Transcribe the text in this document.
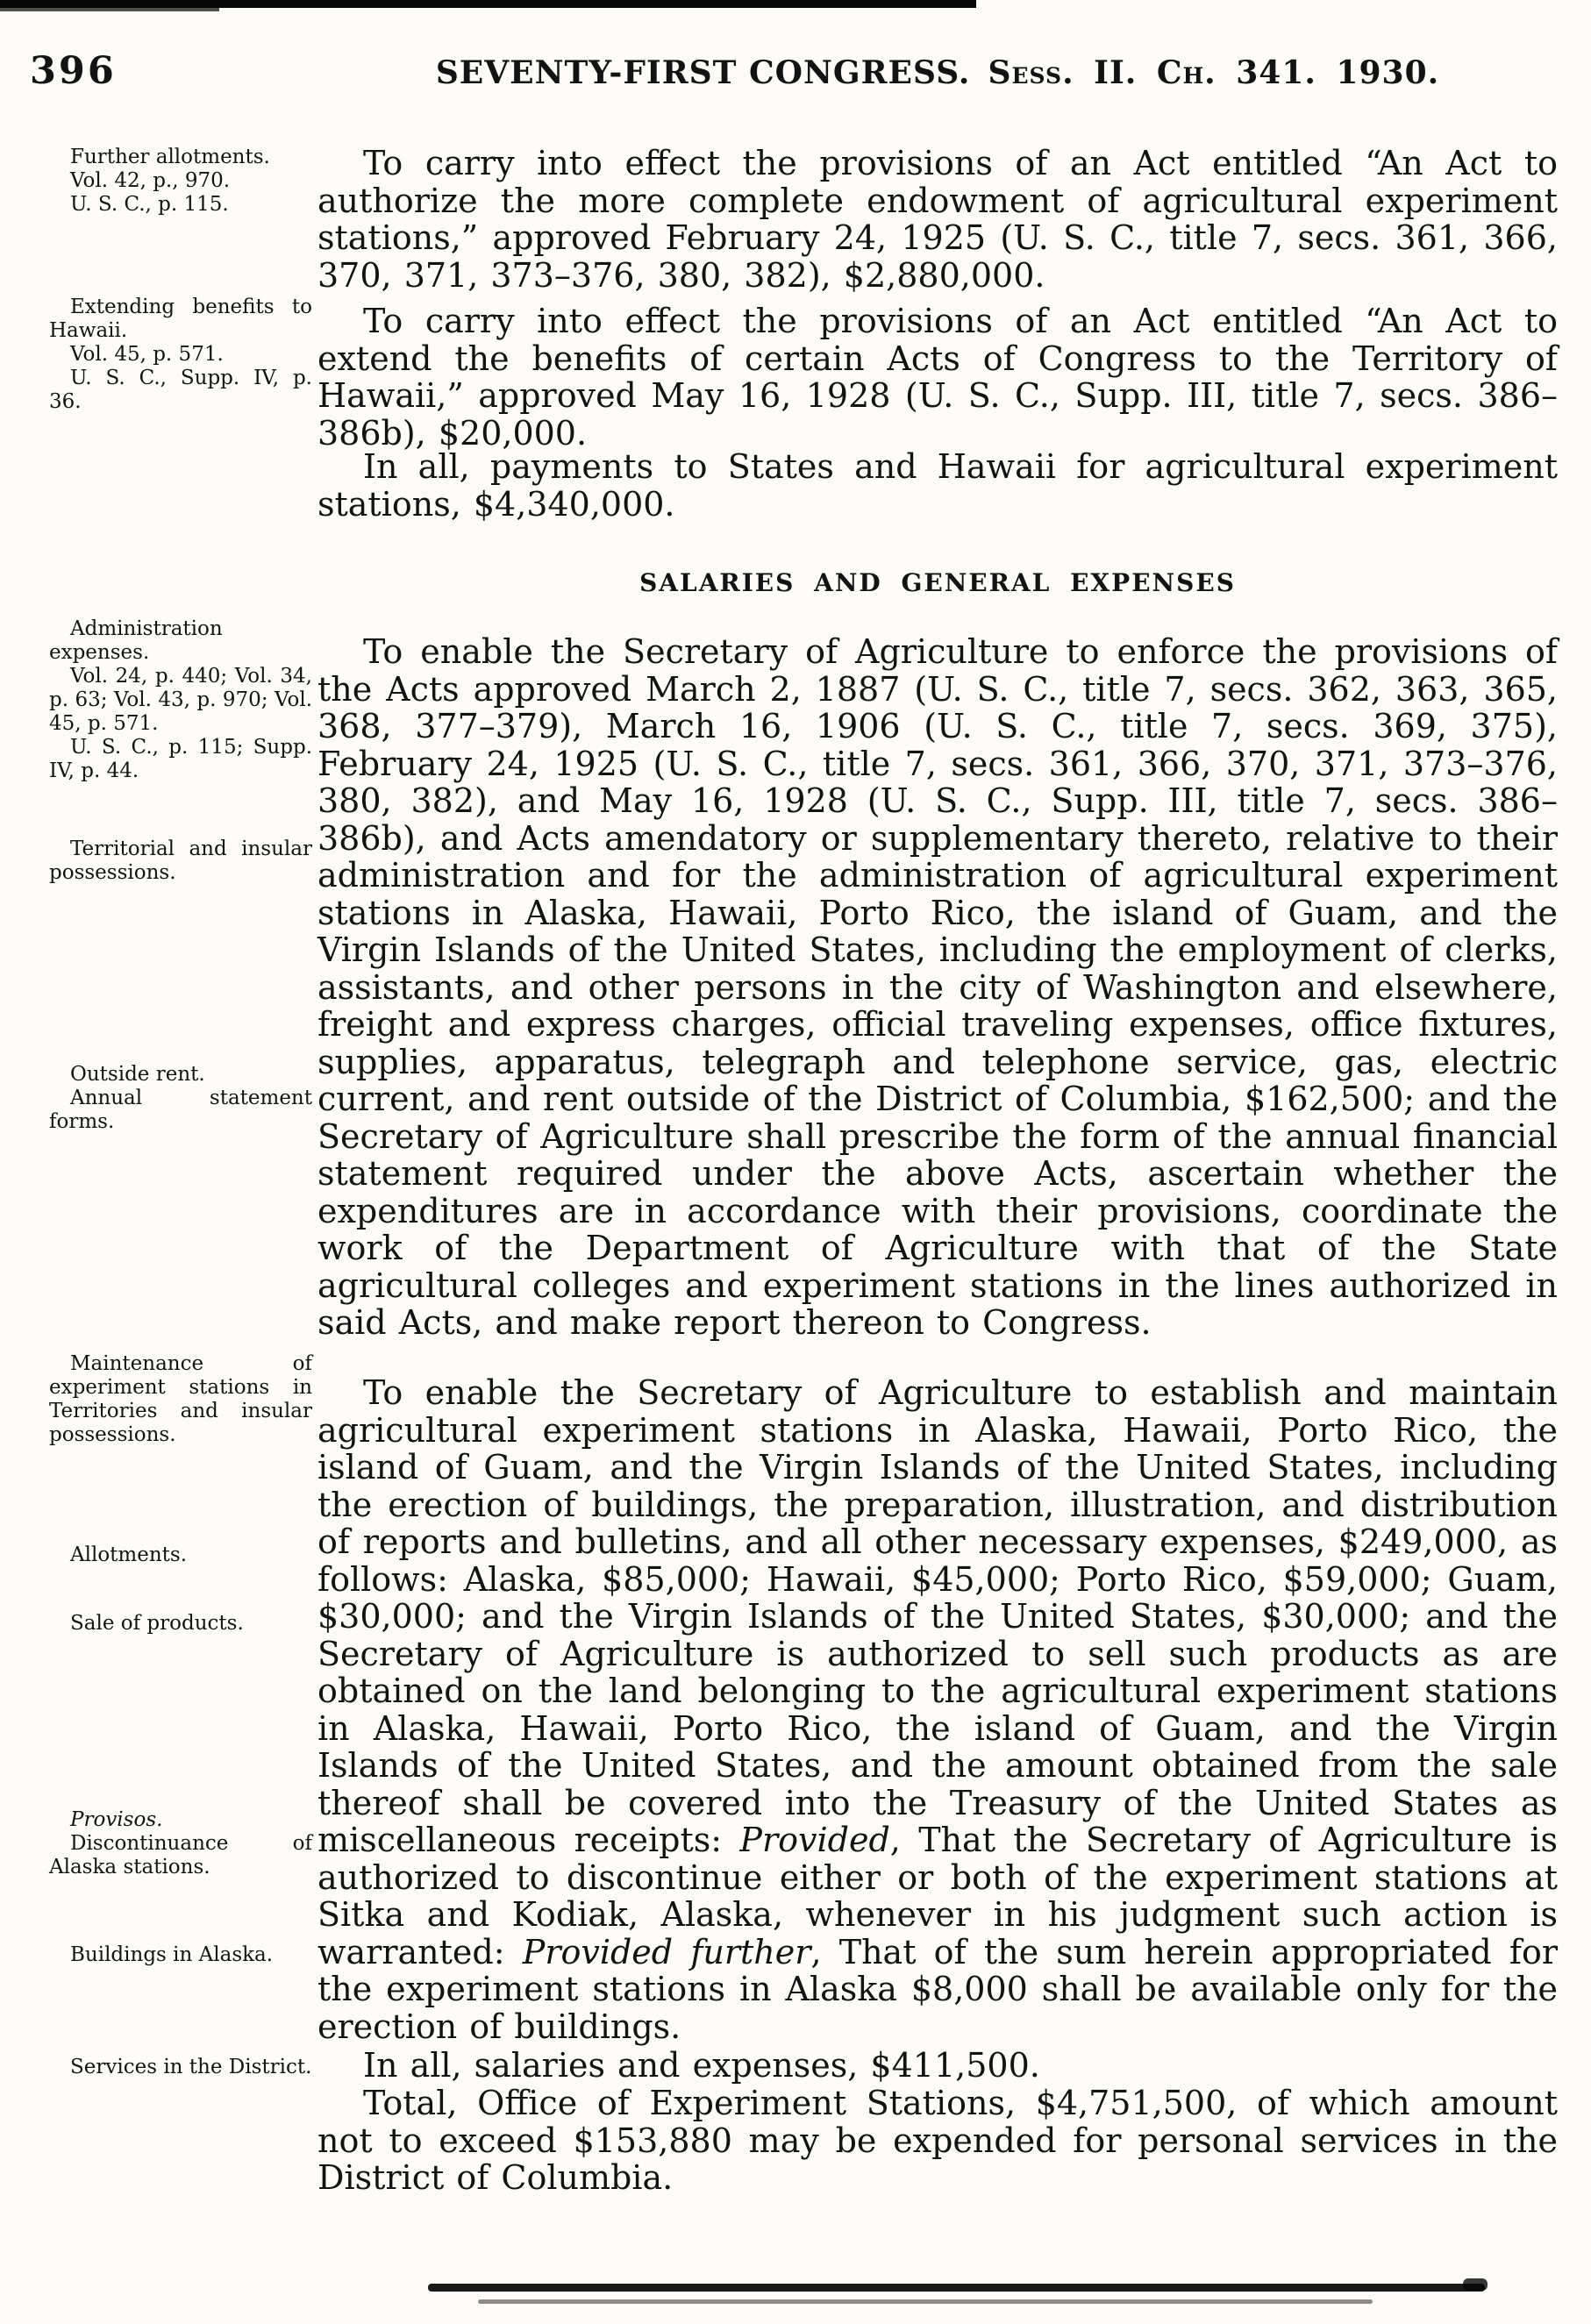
396	SEVENTY-FIRST CONGRESS. Sess. II. Ch. 341. 1930.

Further allotments.

Vol. 42, p., 970.

U. S. C., p. 115.

Extending benefits to Hawaii.

Vol. 45, p. 571.

U. S. C., Supp. IV, p. 36.

Administration expenses.

Vol. 24, p. 440; Vol. 34, p. 63; Vol. 43, p. 970; Vol. 45, p. 571.

U. S. C., p. 115; Supp. IV, p. 44.

Territorial and insular possessions.

Outside rent.

Annual statement forms.

Maintenance of experiment stations in Territories and insular possessions.

Allotments.

Sale of products.

Provisos.

Discontinuance of Alaska stations.

Buildings in Alaska.

Services in the District.

To carry into effect the provisions of an Act entitled “An Act to authorize the more complete endowment of agricultural experiment stations,” approved February 24, 1925 (U. S. C., title 7, secs. 361, 366, 370, 371, 373–376, 380, 382), $2,880,000.

To carry into effect the provisions of an Act entitled “An Act to extend the benefits of certain Acts of Congress to the Territory of Hawaii,” approved May 16, 1928 (U. S. C., Supp. III, title 7, secs. 386–386b), $20,000.

In all, payments to States and Hawaii for agricultural experiment stations, $4,340,000.

SALARIES AND GENERAL EXPENSES

To enable the Secretary of Agriculture to enforce the provisions of the Acts approved March 2, 1887 (U. S. C., title 7, secs. 362, 363, 365, 368, 377–379), March 16, 1906 (U. S. C., title 7, secs. 369, 375), February 24, 1925 (U. S. C., title 7, secs. 361, 366, 370, 371, 373–376, 380, 382), and May 16, 1928 (U. S. C., Supp. III, title 7, secs. 386–386b), and Acts amendatory or supplementary thereto, relative to their administration and for the administration of agricultural experiment stations in Alaska, Hawaii, Porto Rico, the island of Guam, and the Virgin Islands of the United States, including the employment of clerks, assistants, and other persons in the city of Washington and elsewhere, freight and express charges, official traveling expenses, office fixtures, supplies, apparatus, telegraph and telephone service, gas, electric current, and rent outside of the District of Columbia, $162,500; and the Secretary of Agriculture shall prescribe the form of the annual financial statement required under the above Acts, ascertain whether the expenditures are in accordance with their provisions, coordinate the work of the Department of Agriculture with that of the State agricultural colleges and experiment stations in the lines authorized in said Acts, and make report thereon to Congress.

To enable the Secretary of Agriculture to establish and maintain agricultural experiment stations in Alaska, Hawaii, Porto Rico, the island of Guam, and the Virgin Islands of the United States, including the erection of buildings, the preparation, illustration, and distribution of reports and bulletins, and all other necessary expenses, $249,000, as follows: Alaska, $85,000; Hawaii, $45,000; Porto Rico, $59,000; Guam, $30,000; and the Virgin Islands of the United States, $30,000; and the Secretary of Agriculture is authorized to sell such products as are obtained on the land belonging to the agricultural experiment stations in Alaska, Hawaii, Porto Rico, the island of Guam, and the Virgin Islands of the United States, and the amount obtained from the sale thereof shall be covered into the Treasury of the United States as miscellaneous receipts: Provided, That the Secretary of Agriculture is authorized to discontinue either or both of the experiment stations at Sitka and Kodiak, Alaska, whenever in his judgment such action is warranted: Provided further, That of the sum herein appropriated for the experiment stations in Alaska $8,000 shall be available only for the erection of buildings.

In all, salaries and expenses, $411,500.

Total, Office of Experiment Stations, $4,751,500, of which amount not to exceed $153,880 may be expended for personal services in the District of Columbia.
